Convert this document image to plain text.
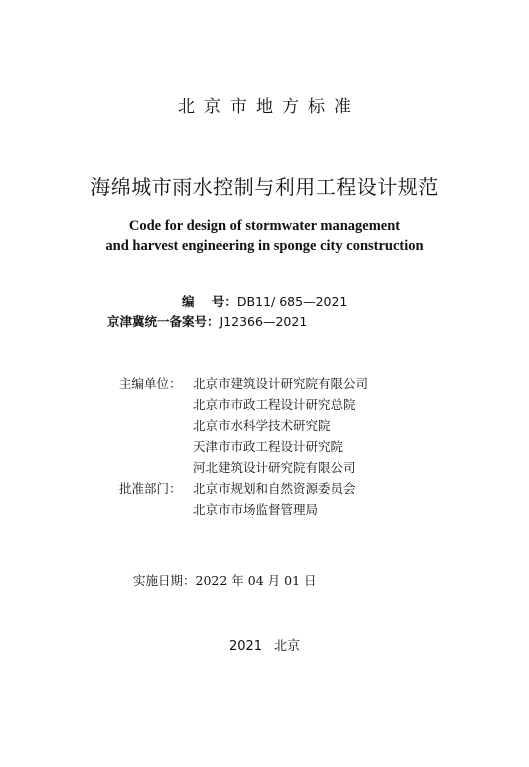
北京市地方标准
海绵城市雨水控制与利用工程设计规范
Code for design of stormwater management
and harvest engineering in sponge city construction
编    号：DB11/ 685—2021
京津冀统一备案号：J12366—2021
主编单位： 北京市建筑设计研究院有限公司
北京市市政工程设计研究总院
北京市水科学技术研究院
天津市市政工程设计研究院
河北建筑设计研究院有限公司
批准部门： 北京市规划和自然资源委员会
北京市市场监督管理局
实施日期：2022 年 04 月 01 日
2021 北京
